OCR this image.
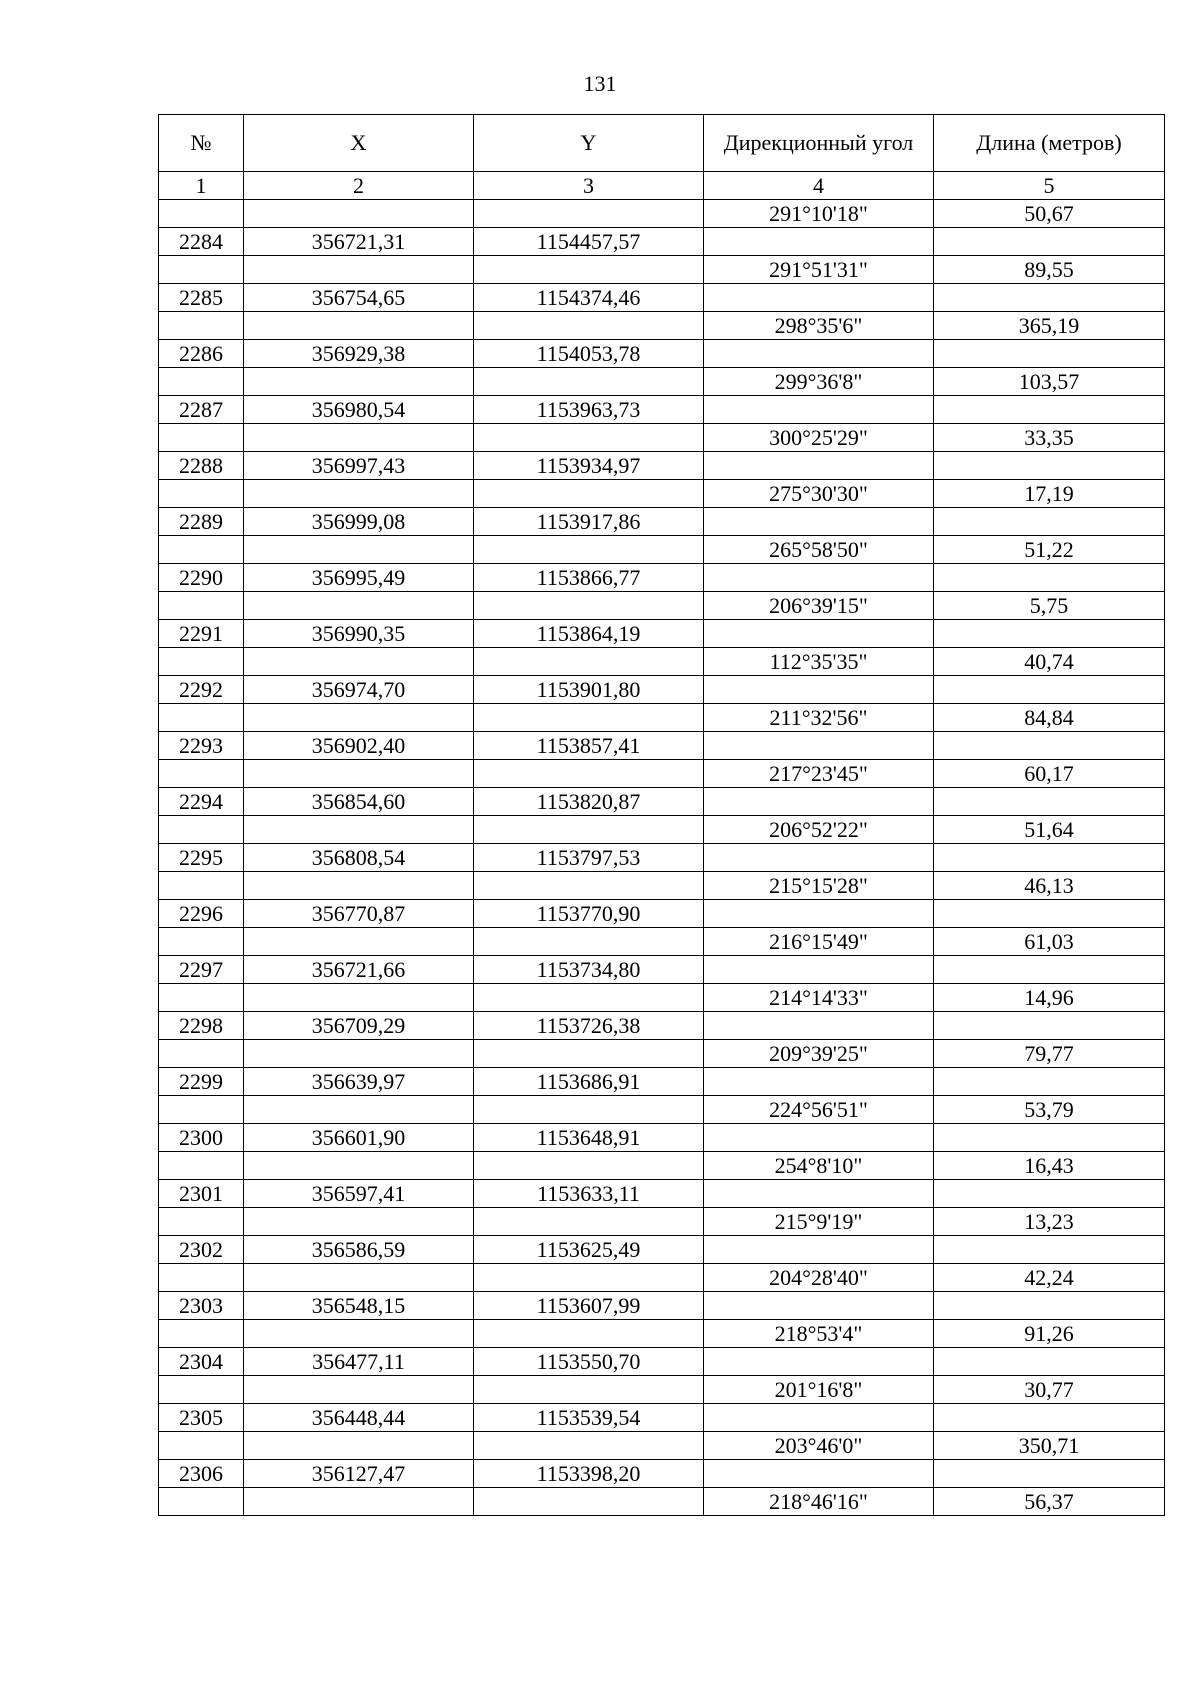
131
№	X	Y	Дирекционный угол	Длина (метров)
1	2	3	4	5
			291°10'18"	50,67
2284	356721,31	1154457,57		
			291°51'31"	89,55
2285	356754,65	1154374,46		
			298°35'6"	365,19
2286	356929,38	1154053,78		
			299°36'8"	103,57
2287	356980,54	1153963,73		
			300°25'29"	33,35
2288	356997,43	1153934,97		
			275°30'30"	17,19
2289	356999,08	1153917,86		
			265°58'50"	51,22
2290	356995,49	1153866,77		
			206°39'15"	5,75
2291	356990,35	1153864,19		
			112°35'35"	40,74
2292	356974,70	1153901,80		
			211°32'56"	84,84
2293	356902,40	1153857,41		
			217°23'45"	60,17
2294	356854,60	1153820,87		
			206°52'22"	51,64
2295	356808,54	1153797,53		
			215°15'28"	46,13
2296	356770,87	1153770,90		
			216°15'49"	61,03
2297	356721,66	1153734,80		
			214°14'33"	14,96
2298	356709,29	1153726,38		
			209°39'25"	79,77
2299	356639,97	1153686,91		
			224°56'51"	53,79
2300	356601,90	1153648,91		
			254°8'10"	16,43
2301	356597,41	1153633,11		
			215°9'19"	13,23
2302	356586,59	1153625,49		
			204°28'40"	42,24
2303	356548,15	1153607,99		
			218°53'4"	91,26
2304	356477,11	1153550,70		
			201°16'8"	30,77
2305	356448,44	1153539,54		
			203°46'0"	350,71
2306	356127,47	1153398,20		
			218°46'16"	56,37
